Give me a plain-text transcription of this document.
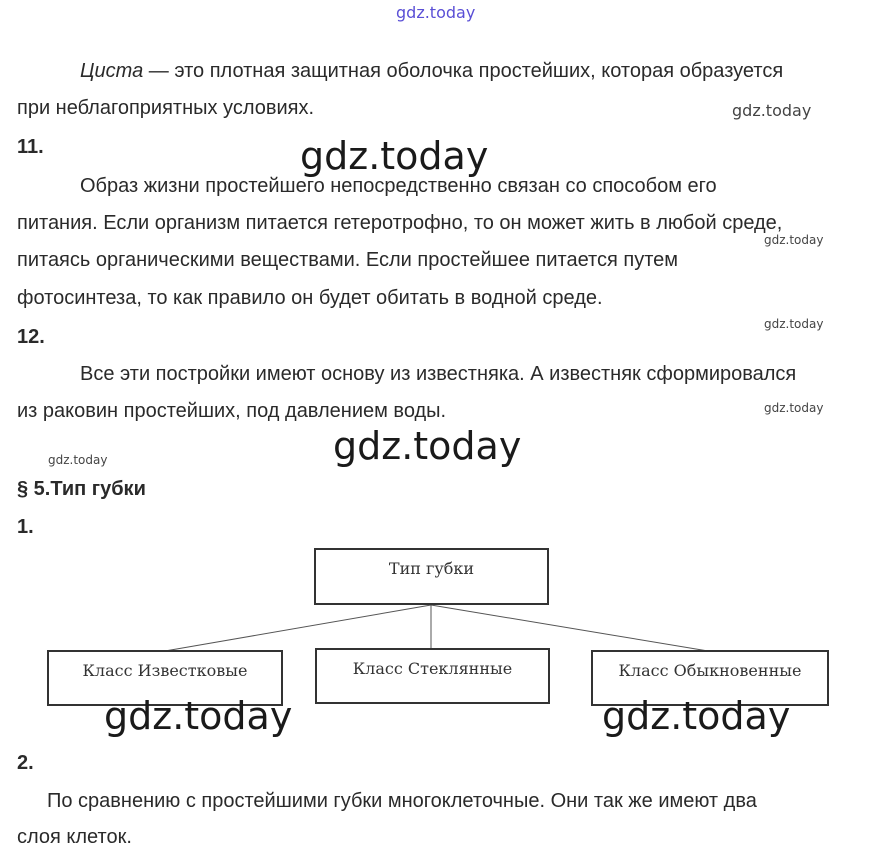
gdz.today
Циста — это плотная защитная оболочка простейших, которая образуется
при неблагоприятных условиях.	gdz.today
11.	gdz.today
Образ жизни простейшего непосредственно связан со способом его
питания. Если организм питается гетеротрофно, то он может жить в любой среде,
gdz.today
питаясь органическими веществами. Если простейшее питается путем
фотосинтеза, то как правило он будет обитать в водной среде.
gdz.today
12.
Все эти постройки имеют основу из известняка. А известняк сформировался
из раковин простейших, под давлением воды.	gdz.today
gdz.today
gdz.today
§ 5.Тип губки
1.
Тип губки
Класс Известковые	Класс Стеклянные	Класс Обыкновенные
gdz.today	gdz.today
2.
По сравнению с простейшими губки многоклеточные. Они так же имеют два
слоя клеток.
